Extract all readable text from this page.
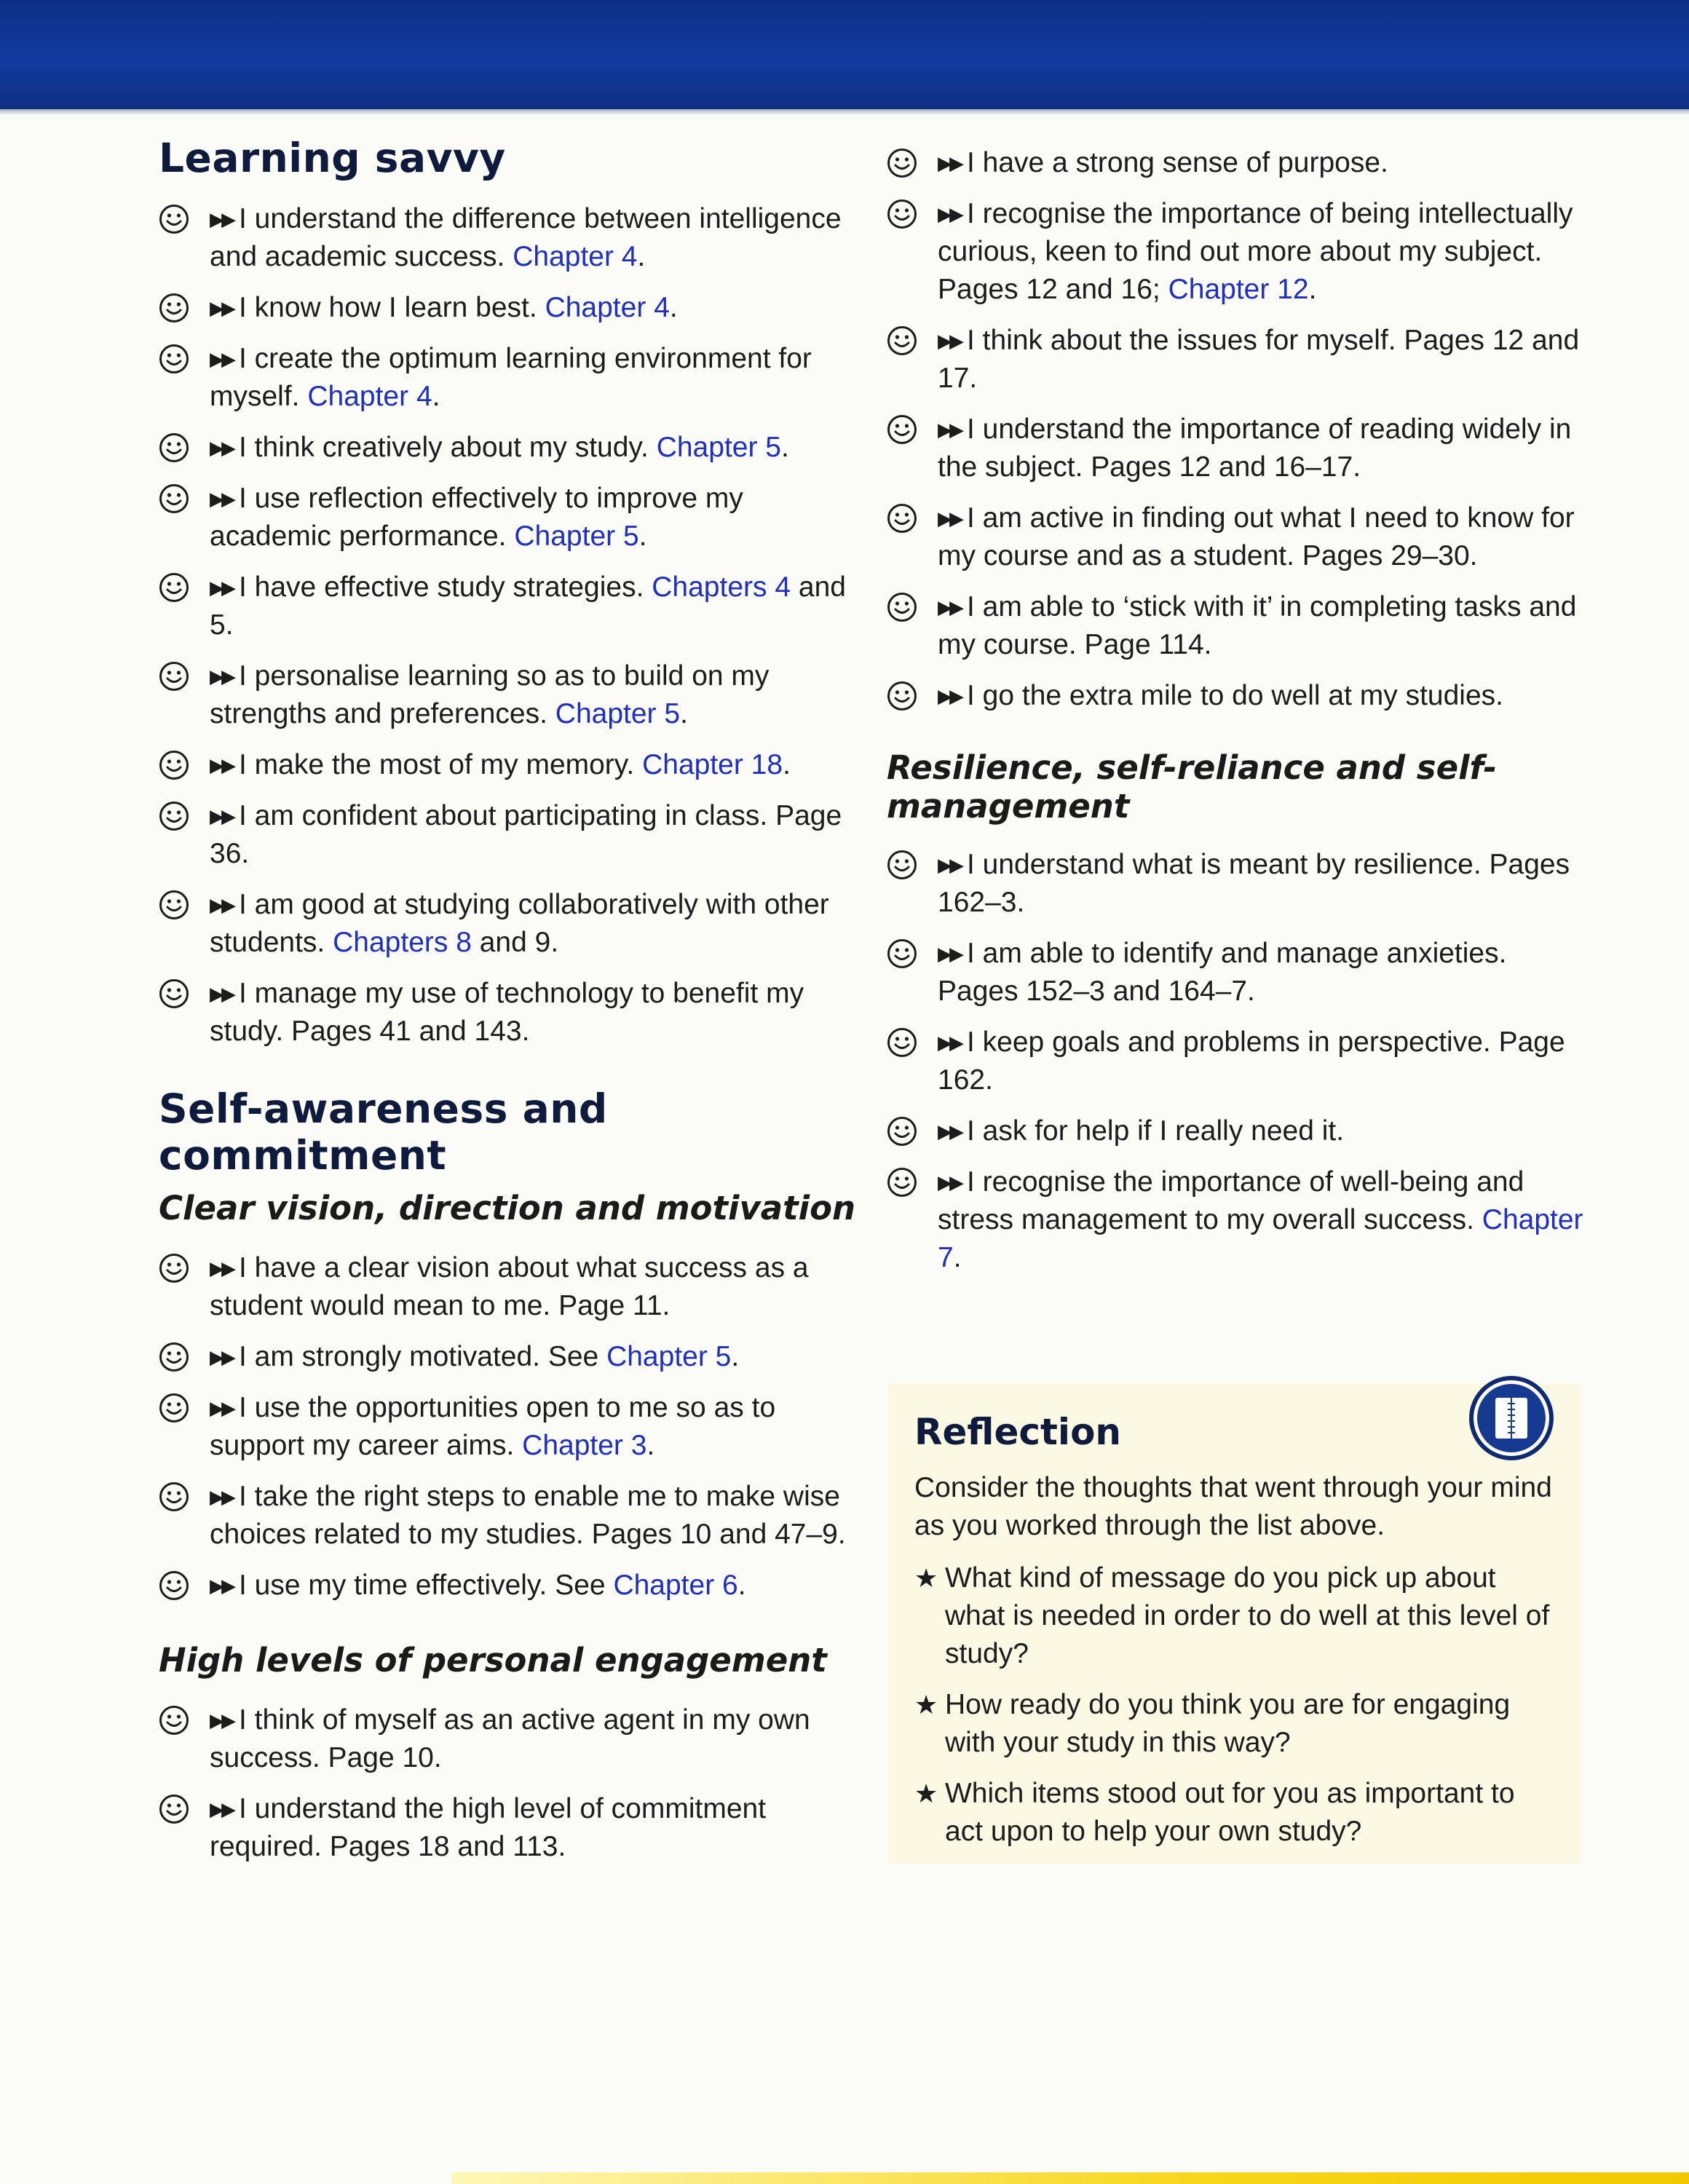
Learning savvy
▶▶ I understand the difference between intelligence and academic success. Chapter 4.
▶▶ I know how I learn best. Chapter 4.
▶▶ I create the optimum learning environment for myself. Chapter 4.
▶▶ I think creatively about my study. Chapter 5.
▶▶ I use reflection effectively to improve my academic performance. Chapter 5.
▶▶ I have effective study strategies. Chapters 4 and 5.
▶▶ I personalise learning so as to build on my strengths and preferences. Chapter 5.
▶▶ I make the most of my memory. Chapter 18.
▶▶ I am confident about participating in class. Page 36.
▶▶ I am good at studying collaboratively with other students. Chapters 8 and 9.
▶▶ I manage my use of technology to benefit my study. Pages 41 and 143.
Self-awareness and commitment
Clear vision, direction and motivation
▶▶ I have a clear vision about what success as a student would mean to me. Page 11.
▶▶ I am strongly motivated. See Chapter 5.
▶▶ I use the opportunities open to me so as to support my career aims. Chapter 3.
▶▶ I take the right steps to enable me to make wise choices related to my studies. Pages 10 and 47–9.
▶▶ I use my time effectively. See Chapter 6.
High levels of personal engagement
▶▶ I think of myself as an active agent in my own success. Page 10.
▶▶ I understand the high level of commitment required. Pages 18 and 113.
▶▶ I have a strong sense of purpose.
▶▶ I recognise the importance of being intellectually curious, keen to find out more about my subject. Pages 12 and 16; Chapter 12.
▶▶ I think about the issues for myself. Pages 12 and 17.
▶▶ I understand the importance of reading widely in the subject. Pages 12 and 16–17.
▶▶ I am active in finding out what I need to know for my course and as a student. Pages 29–30.
▶▶ I am able to ‘stick with it’ in completing tasks and my course. Page 114.
▶▶ I go the extra mile to do well at my studies.
Resilience, self-reliance and self-management
▶▶ I understand what is meant by resilience. Pages 162–3.
▶▶ I am able to identify and manage anxieties. Pages 152–3 and 164–7.
▶▶ I keep goals and problems in perspective. Page 162.
▶▶ I ask for help if I really need it.
▶▶ I recognise the importance of well-being and stress management to my overall success. Chapter 7.
Reflection

Consider the thoughts that went through your mind as you worked through the list above.

★ What kind of message do you pick up about what is needed in order to do well at this level of study?
★ How ready do you think you are for engaging with your study in this way?
★ Which items stood out for you as important to act upon to help your own study?
